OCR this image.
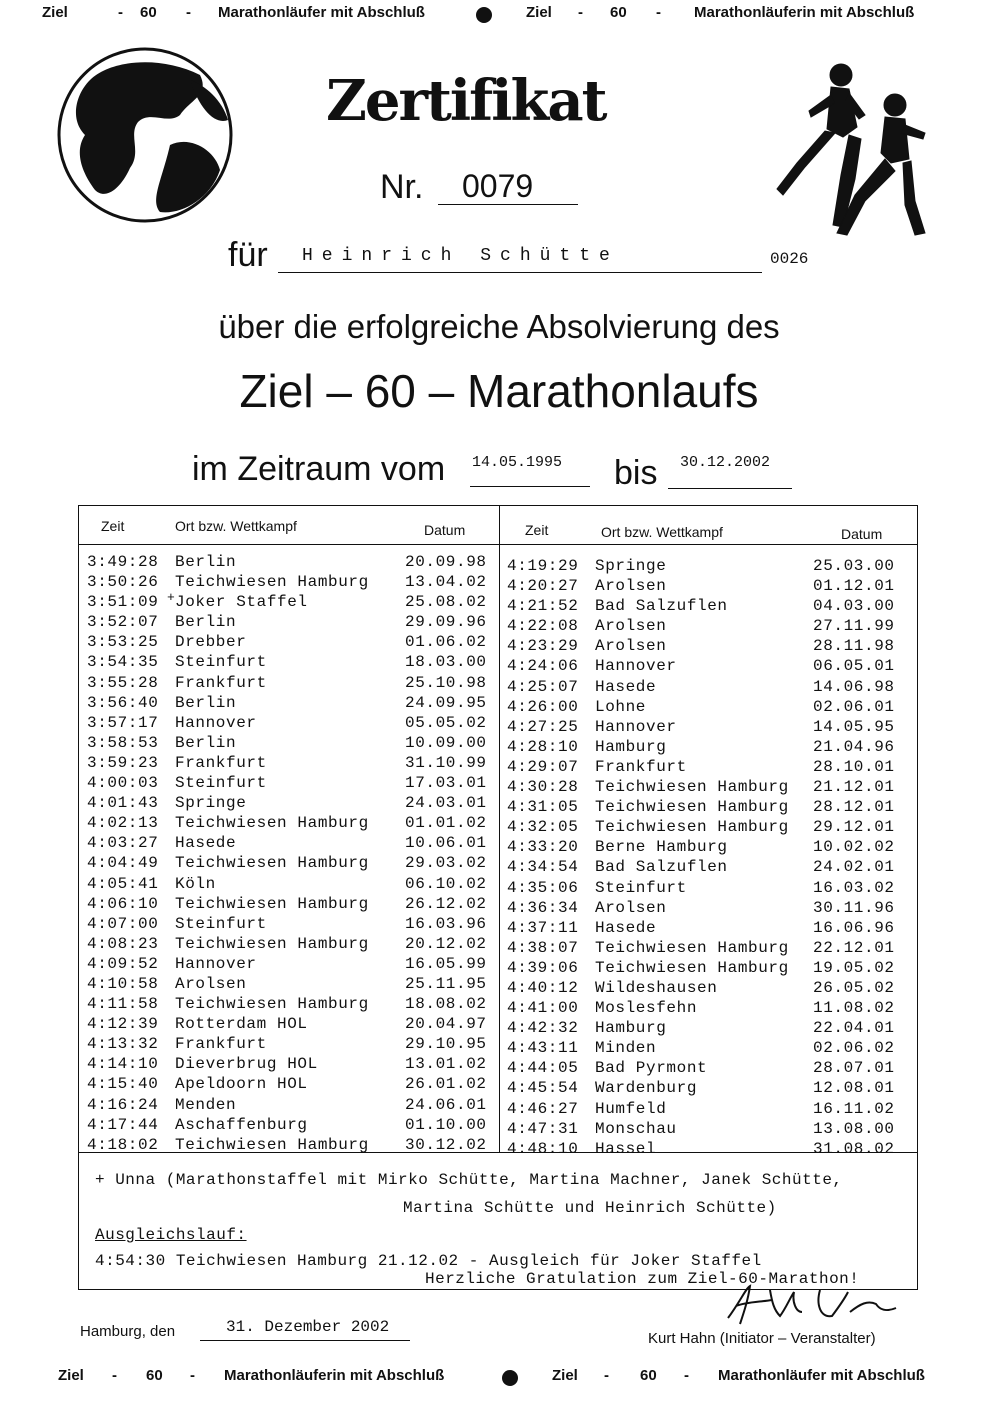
Ziel	- 60 - Marathonläufer mit Abschluß	Ziel - 60 - Marathonläuferin mit Abschluß
Zertifikat
Nr. 0079
für Heinrich Schütte	0026
über die erfolgreiche Absolvierung des
Ziel – 60 – Marathonlaufs
im Zeitraum vom 14.05.1995 bis 30.12.2002
Zeit	Ort bzw. Wettkampf	Datum	Zeit	Ort bzw. Wettkampf	Datum
3:49:28 Berlin	20.09.98
3:50:26 Teichwiesen Hamburg 13.04.02
3:51:09 Joker Staffel	25.08.02
3:52:07 Berlin	29.09.96
3:53:25 Drebber	01.06.02
3:54:35 Steinfurt	18.03.00
3:55:28 Frankfurt	25.10.98
3:56:40 Berlin	24.09.95
3:57:17 Hannover	05.05.02
3:58:53 Berlin	10.09.00
3:59:23 Frankfurt	31.10.99
4:00:03 Steinfurt	17.03.01
4:01:43 Springe	24.03.01
4:02:13 Teichwiesen Hamburg 01.01.02
4:03:27 Hasede	10.06.01
4:04:49 Teichwiesen Hamburg 29.03.02
4:05:41 Köln	06.10.02
4:06:10 Teichwiesen Hamburg 26.12.02
4:07:00 Steinfurt	16.03.96
4:08:23 Teichwiesen Hamburg 20.12.02
4:09:52 Hannover	16.05.99
4:10:58 Arolsen	25.11.95
4:11:58 Teichwiesen Hamburg 18.08.02
4:12:39 Rotterdam HOL	20.04.97
4:13:32 Frankfurt	29.10.95
4:14:10 Dieverbrug HOL	13.01.02
4:15:40 Apeldoorn HOL	26.01.02
4:16:24 Menden	24.06.01
4:17:44 Aschaffenburg	01.10.00
4:18:02 Teichwiesen Hamburg 30.12.02
4:19:29 Springe	25.03.00
4:20:27 Arolsen	01.12.01
4:21:52 Bad Salzuflen	04.03.00
4:22:08 Arolsen	27.11.99
4:23:29 Arolsen	28.11.98
4:24:06 Hannover	06.05.01
4:25:07 Hasede	14.06.98
4:26:00 Lohne	02.06.01
4:27:25 Hannover	14.05.95
4:28:10 Hamburg	21.04.96
4:29:07 Frankfurt	28.10.01
4:30:28 Teichwiesen Hamburg 21.12.01
4:31:05 Teichwiesen Hamburg 28.12.01
4:32:05 Teichwiesen Hamburg 29.12.01
4:33:20 Berne Hamburg	10.02.02
4:34:54 Bad Salzuflen	24.02.01
4:35:06 Steinfurt	16.03.02
4:36:34 Arolsen	30.11.96
4:37:11 Hasede	16.06.96
4:38:07 Teichwiesen Hamburg 22.12.01
4:39:06 Teichwiesen Hamburg 19.05.02
4:40:12 Wildeshausen	26.05.02
4:41:00 Moslesfehn	11.08.02
4:42:32 Hamburg	22.04.01
4:43:11 Minden	02.06.02
4:44:05 Bad Pyrmont	28.07.01
4:45:54 Wardenburg	12.08.01
4:46:27 Humfeld	16.11.02
4:47:31 Monschau	13.08.00
4:48:10 Hassel	31.08.02
+
+ Unna (Marathonstaffel mit Mirko Schütte, Martina Machner, Janek Schütte,
Martina Schütte und Heinrich Schütte)
Ausgleichslauf:
4:54:30 Teichwiesen Hamburg 21.12.02 - Ausgleich für Joker Staffel
Herzliche Gratulation zum Ziel-60-Marathon!
Hamburg, den	31. Dezember 2002
Kurt Hahn (Initiator – Veranstalter)
Ziel - 60 - Marathonläuferin mit Abschluß	Ziel - 60 - Marathonläufer mit Abschluß
